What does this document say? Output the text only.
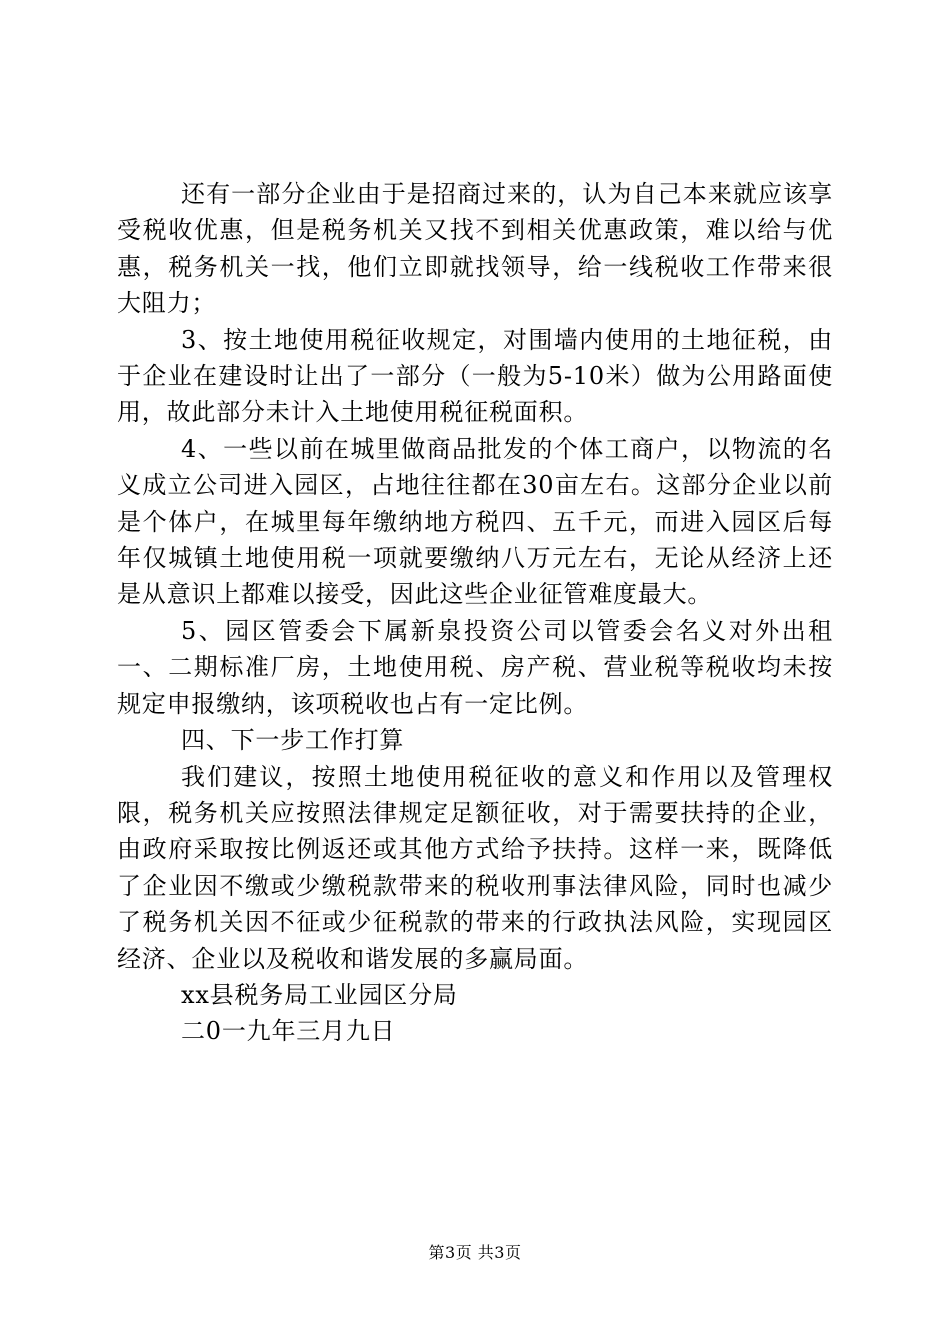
还有一部分企业由于是招商过来的，认为自己本来就应该享受税收优惠，但是税务机关又找不到相关优惠政策，难以给与优惠，税务机关一找，他们立即就找领导，给一线税收工作带来很大阻力；

3、按土地使用税征收规定，对围墙内使用的土地征税，由于企业在建设时让出了一部分（一般为5-10米）做为公用路面使用，故此部分未计入土地使用税征税面积。

4、一些以前在城里做商品批发的个体工商户，以物流的名义成立公司进入园区，占地往往都在30亩左右。这部分企业以前是个体户，在城里每年缴纳地方税四、五千元，而进入园区后每年仅城镇土地使用税一项就要缴纳八万元左右，无论从经济上还是从意识上都难以接受，因此这些企业征管难度最大。

5、园区管委会下属新泉投资公司以管委会名义对外出租一、二期标准厂房，土地使用税、房产税、营业税等税收均未按规定申报缴纳，该项税收也占有一定比例。

四、下一步工作打算

我们建议，按照土地使用税征收的意义和作用以及管理权限，税务机关应按照法律规定足额征收，对于需要扶持的企业，由政府采取按比例返还或其他方式给予扶持。这样一来，既降低了企业因不缴或少缴税款带来的税收刑事法律风险，同时也减少了税务机关因不征或少征税款的带来的行政执法风险，实现园区经济、企业以及税收和谐发展的多赢局面。

xx县税务局工业园区分局

二0一九年三月九日

第3页 共3页
